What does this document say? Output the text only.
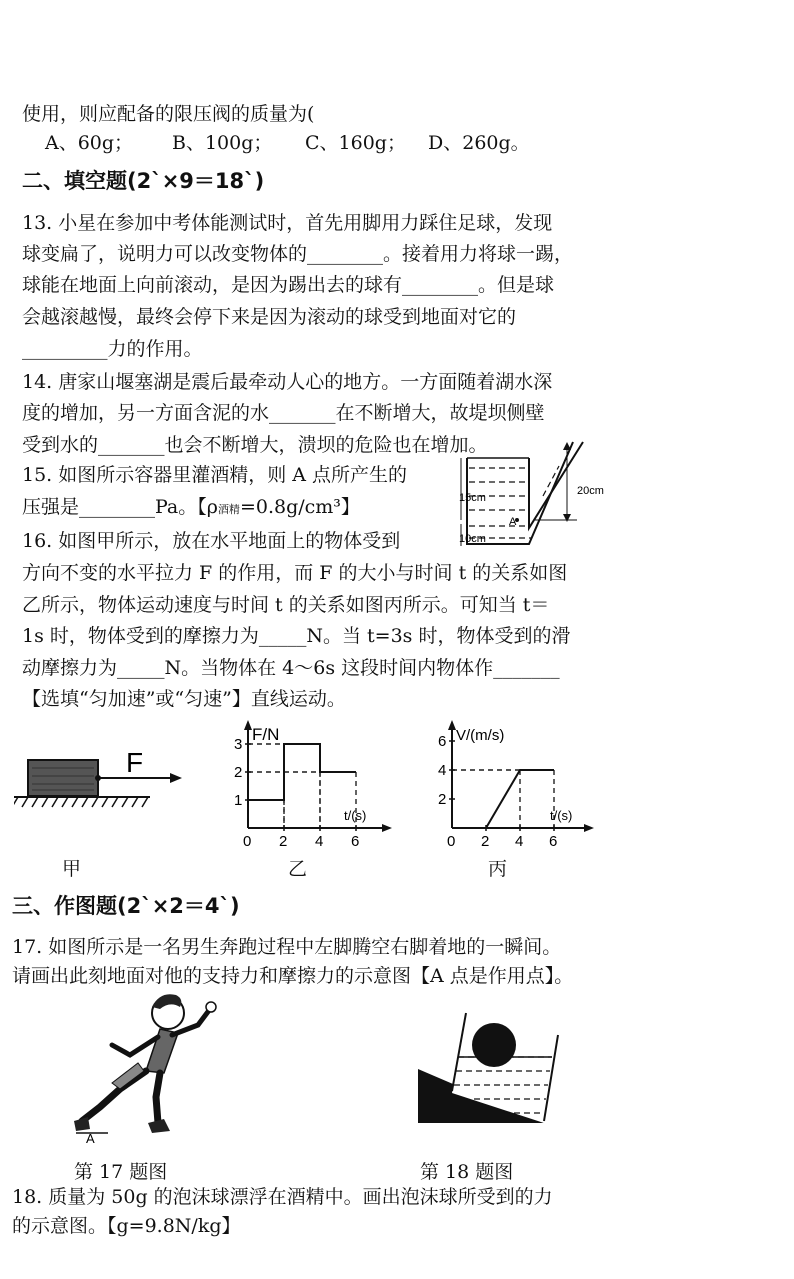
使用，则应配备的限压阀的质量为(
A、60g； B、100g； C、160g； D、260g。
二、填空题(2`×9＝18`)
13. 小星在参加中考体能测试时，首先用脚用力踩住足球，发现
球变扁了，说明力可以改变物体的________。接着用力将球一踢，
球能在地面上向前滚动，是因为踢出去的球有________。但是球
会越滚越慢，最终会停下来是因为滚动的球受到地面对它的
_________力的作用。
14. 唐家山堰塞湖是震后最牵动人心的地方。一方面随着湖水深
度的增加，另一方面含泥的水_______在不断增大，故堤坝侧壁
受到水的_______也会不断增大，溃坝的危险也在增加。
15. 如图所示容器里灌酒精，则 A 点所产生的
压强是________Pa。【ρ酒精=0.8g/cm³】	15cm
10cm
20cm
A
16. 如图甲所示，放在水平地面上的物体受到
方向不变的水平拉力 F 的作用，而 F 的大小与时间 t 的关系如图
乙所示，物体运动速度与时间 t 的关系如图丙所示。可知当 t＝
1s 时，物体受到的摩擦力为_____N。当 t=3s 时，物体受到的滑
动摩擦力为_____N。当物体在 4～6s 这段时间内物体作_______
【选填“匀加速”或“匀速”】直线运动。
F
甲
F/N
t/(s)
0 2 4 6
1
2
3
乙
V/(m/s)
t/(s)
0 2 4 6
2
4
6
丙
三、作图题(2`×2＝4`)
17. 如图所示是一名男生奔跑过程中左脚腾空右脚着地的一瞬间。
请画出此刻地面对他的支持力和摩擦力的示意图【A 点是作用点】。
A
第 17 题图	第 18 题图
18. 质量为 50g 的泡沫球漂浮在酒精中。画出泡沫球所受到的力
的示意图。【g=9.8N/kg】
